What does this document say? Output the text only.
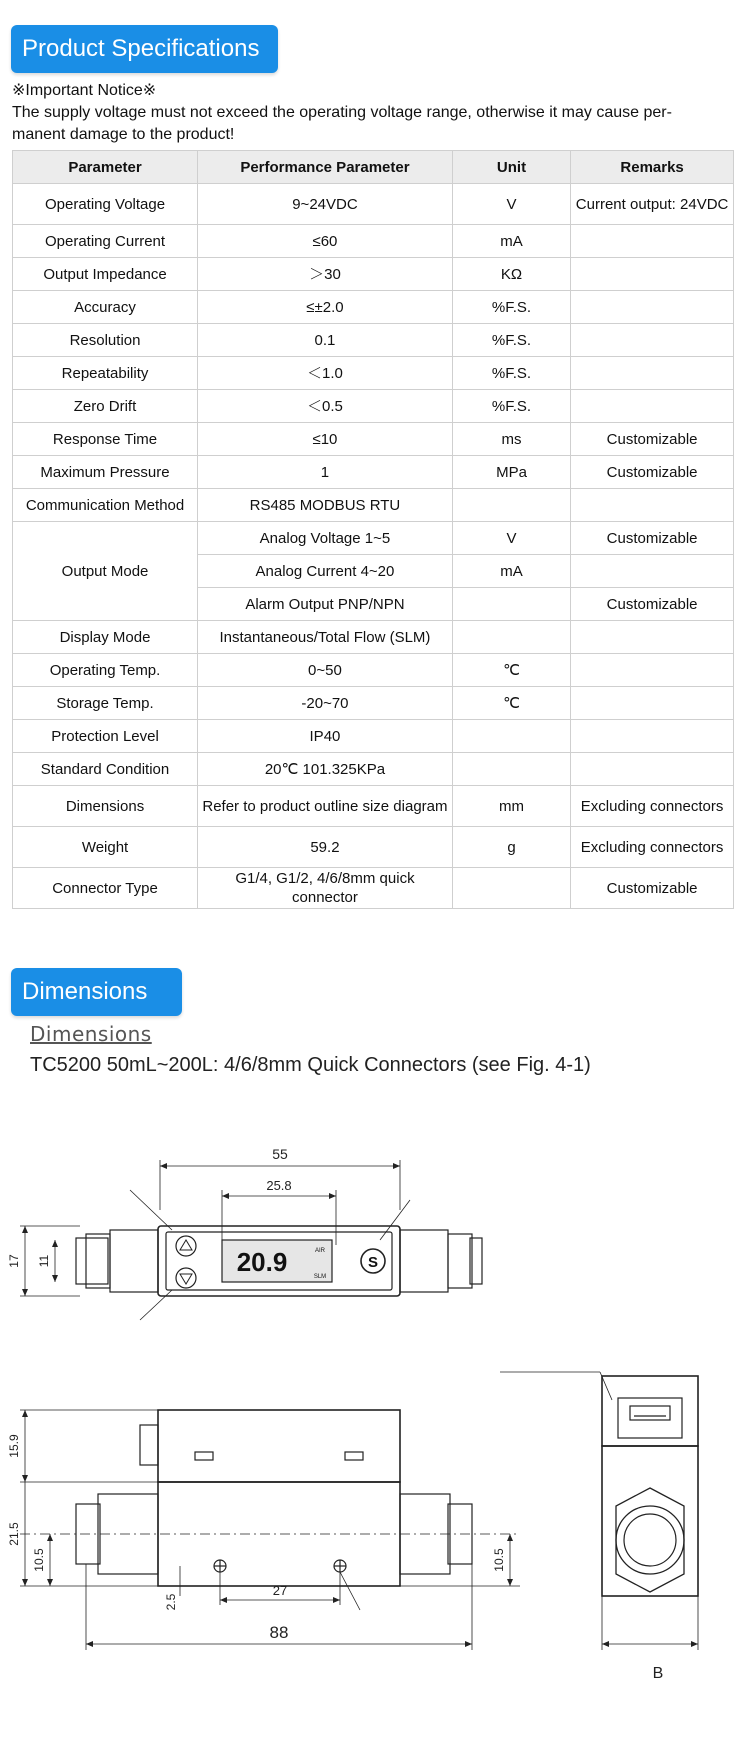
Product Specifications
※Important Notice※
The supply voltage must not exceed the operating voltage range, otherwise it may cause per-
manent damage to the product!
Parameter	Performance Parameter	Unit	Remarks
Operating Voltage	9~24VDC	V	Current output: 24VDC
Operating Current	≤60	mA	
Output Impedance	＞30	KΩ	
Accuracy	≤±2.0	%F.S.	
Resolution	0.1	%F.S.	
Repeatability	＜1.0	%F.S.	
Zero Drift	＜0.5	%F.S.	
Response Time	≤10	ms	Customizable
Maximum Pressure	1	MPa	Customizable
Communication Method	RS485 MODBUS RTU		
Output Mode	Analog Voltage 1~5	V	Customizable
	Analog Current 4~20	mA	
	Alarm Output PNP/NPN		Customizable
Display Mode	Instantaneous/Total Flow (SLM)		
Operating Temp.	0~50	℃	
Storage Temp.	-20~70	℃	
Protection Level	IP40		
Standard Condition	20℃ 101.325KPa		
Dimensions	Refer to product outline size diagram	mm	Excluding connectors
Weight	59.2	g	Excluding connectors
Connector Type	G1/4, G1/2, 4/6/8mm quick connector		Customizable
Dimensions
Dimensions
TC5200 50mL~200L: 4/6/8mm Quick Connectors (see Fig. 4-1)
55
25.8
20.9	AIR
SLM
S
17 11
15.9
21.5
10.5	10.5
2.5
27
88
B
